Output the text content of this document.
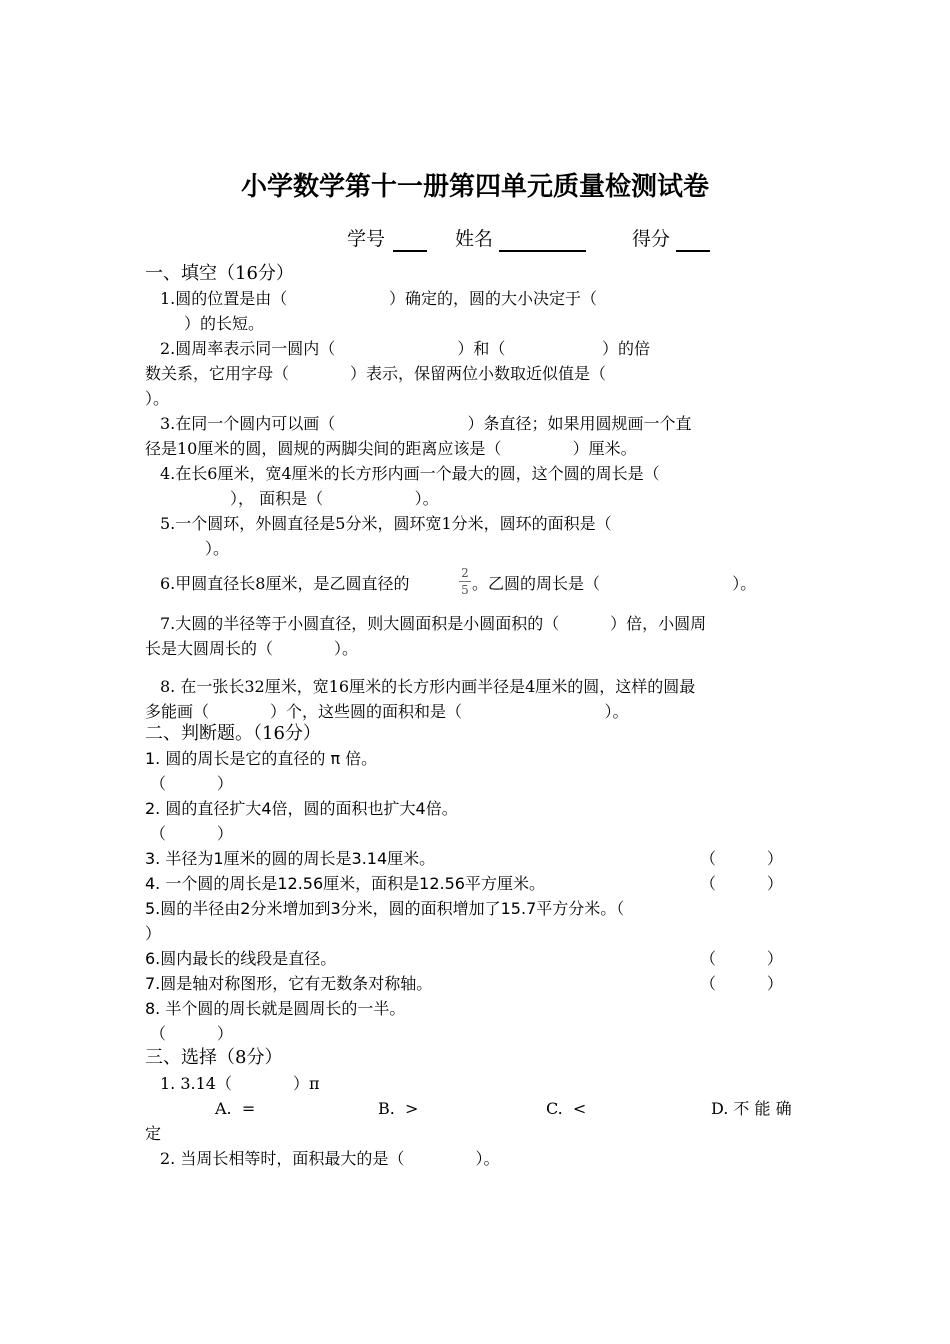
小学数学第十一册第四单元质量检测试卷
学号	姓名	得分
一、填空（16分）
1.圆的位置是由（                    ）确定的，圆的大小决定于（
）的长短。
2.圆周率表示同一圆内（                        ）和（                   ）的倍
数关系，它用字母（            ）表示，保留两位小数取近似值是（
）。
3.在同一个圆内可以画（                          ）条直径；如果用圆规画一个直
径是10厘米的圆，圆规的两脚尖间的距离应该是（              ）厘米。
4.在长6厘米，宽4厘米的长方形内画一个最大的圆，这个圆的周长是（
）， 面积是（                  ）。
5.一个圆环，外圆直径是5分米，圆环宽1分米，圆环的面积是（
）。
6.甲圆直径长8厘米，是乙圆直径的
2
5 。乙圆的周长是（                          ）。
7.大圆的半径等于小圆直径，则大圆面积是小圆面积的（          ）倍，小圆周
长是大圆周长的（            ）。
8. 在一张长32厘米，宽16厘米的长方形内画半径是4厘米的圆，这样的圆最
多能画（            ）个，这些圆的面积和是（                            ）。
二、判断题。（16分）
1. 圆的周长是它的直径的 π 倍。
（          ）
2. 圆的直径扩大4倍，圆的面积也扩大4倍。
（          ）
3. 半径为1厘米的圆的周长是3.14厘米。	（          ）
4. 一个圆的周长是12.56厘米，面积是12.56平方厘米。	（          ）
5.圆的半径由2分米增加到3分米，圆的面积增加了15.7平方分米。（
）
6.圆内最长的线段是直径。	（          ）
7.圆是轴对称图形，它有无数条对称轴。	（          ）
8. 半个圆的周长就是圆周长的一半。
（          ）
三、选择（8分）
1. 3.14（            ）π
A.  =	B.  >	C.  <	D. 不 能 确
定
2. 当周长相等时，面积最大的是（              ）。
